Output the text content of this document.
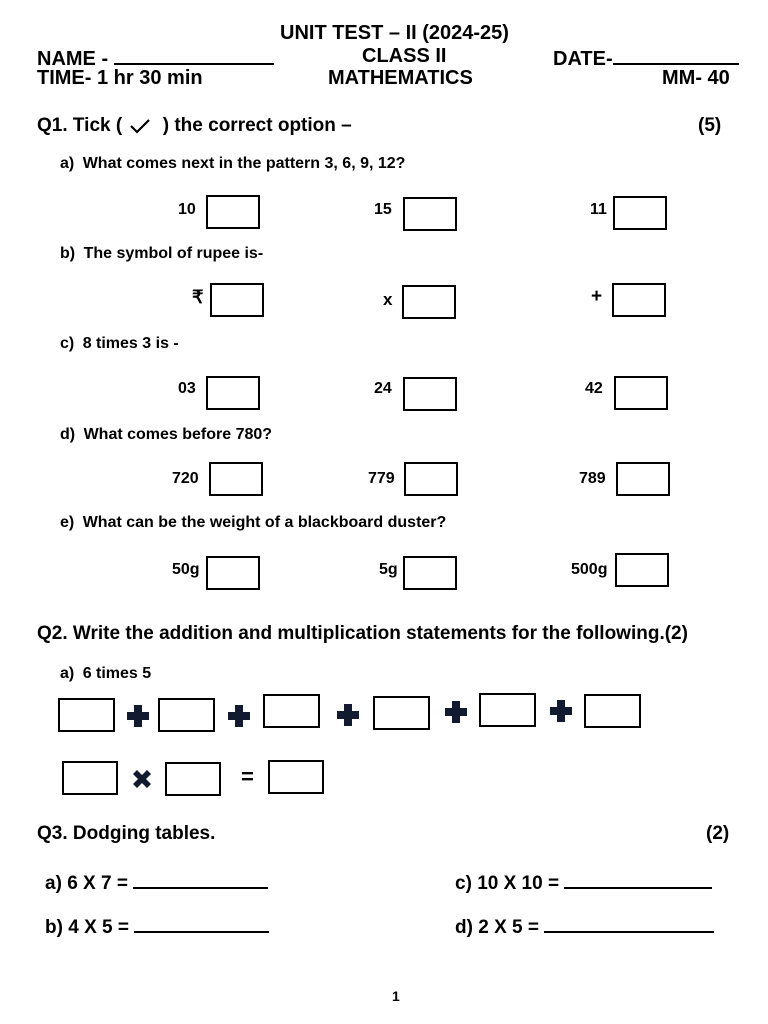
UNIT TEST – II (2024-25)
NAME -	CLASS II	DATE-
TIME- 1 hr 30 min	MATHEMATICS	MM- 40
Q1. Tick ( ) the correct option –	(5)
a) What comes next in the pattern 3, 6, 9, 12?
10	15	11
b) The symbol of rupee is-
₹	x	+
c) 8 times 3 is -
03	24	42
d) What comes before 780?
720	779	789
e) What can be the weight of a blackboard duster?
50g	5g	500g
Q2. Write the addition and multiplication statements for the following.(2)
a) 6 times 5
=
Q3. Dodging tables.	(2)
a) 6 X 7 =
b) 4 X 5 =
c) 10 X 10 =
d) 2 X 5 =
1
